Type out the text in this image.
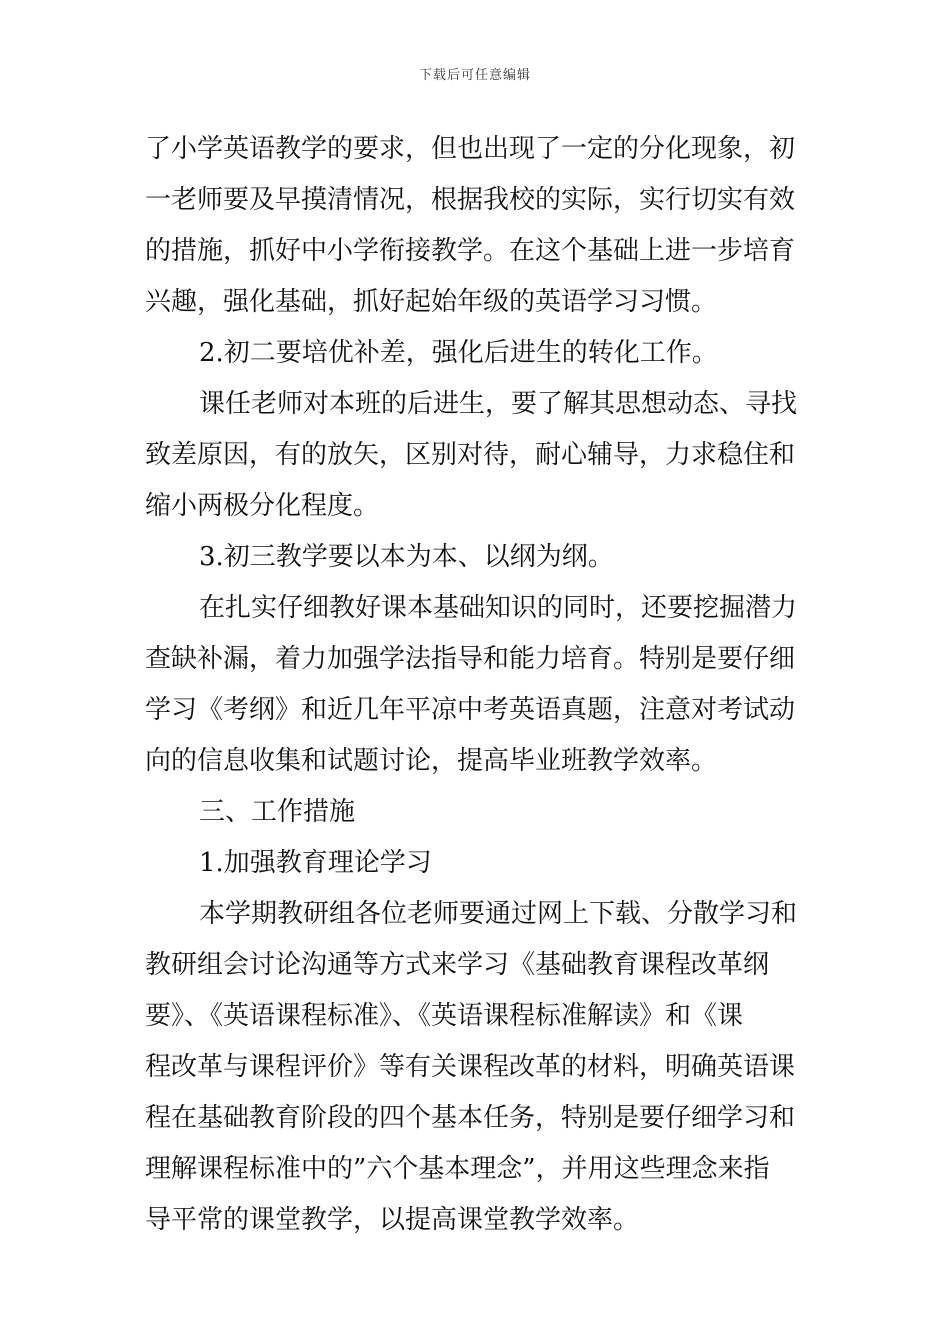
下载后可任意编辑
了小学英语教学的要求，但也出现了一定的分化现象，初
一老师要及早摸清情况，根据我校的实际，实行切实有效
的措施，抓好中小学衔接教学。在这个基础上进一步培育
兴趣，强化基础，抓好起始年级的英语学习习惯。
2.初二要培优补差，强化后进生的转化工作。
课任老师对本班的后进生，要了解其思想动态、寻找
致差原因，有的放矢，区别对待，耐心辅导，力求稳住和
缩小两极分化程度。
3.初三教学要以本为本、以纲为纲。
在扎实仔细教好课本基础知识的同时，还要挖掘潜力
查缺补漏，着力加强学法指导和能力培育。特别是要仔细
学习《考纲》和近几年平凉中考英语真题，注意对考试动
向的信息收集和试题讨论，提高毕业班教学效率。
三、工作措施
1.加强教育理论学习
本学期教研组各位老师要通过网上下载、分散学习和
教研组会讨论沟通等方式来学习《基础教育课程改革纲
要》、《英语课程标准》、《英语课程标准解读》和《课
程改革与课程评价》等有关课程改革的材料，明确英语课
程在基础教育阶段的四个基本任务，特别是要仔细学习和
理解课程标准中的”六个基本理念”，并用这些理念来指
导平常的课堂教学，以提高课堂教学效率。
